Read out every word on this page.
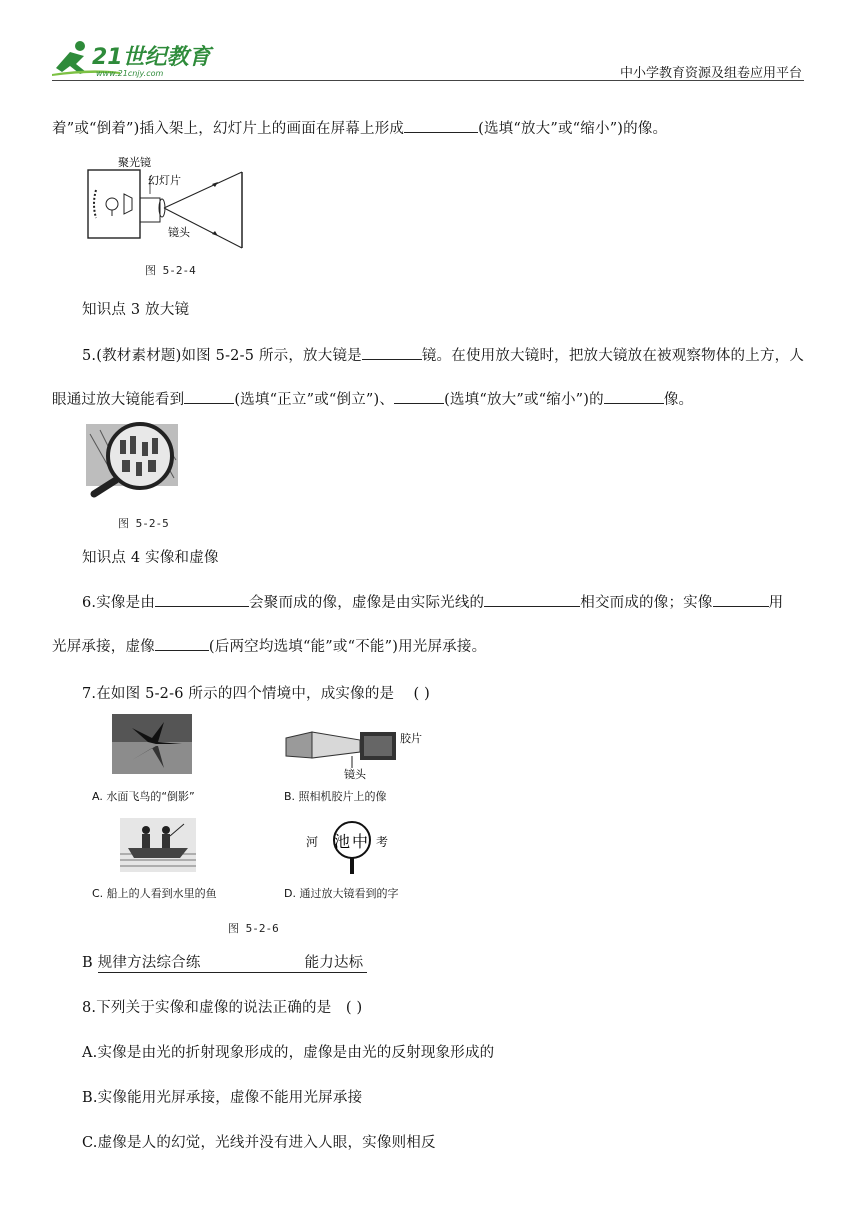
21世纪教育
www.21cnjy.com	中小学教育资源及组卷应用平台
着”或“倒着”)插入架上，幻灯片上的画面在屏幕上形成	(选填“放大”或“缩小”)的像。
聚光镜
幻灯片
镜头
图 5-2-4
知识点 3 放大镜
5.(教材素材题)如图 5-2-5 所示，放大镜是	镜。在使用放大镜时，把放大镜放在被观察物体的上方，人
眼通过放大镜能看到	(选填“正立”或“倒立”)、	(选填“放大”或“缩小”)的	像。
图 5-2-5
知识点 4 实像和虚像
6.实像是由	会聚而成的像，虚像是由实际光线的	相交而成的像；实像	用
光屏承接，虚像	(后两空均选填“能”或“不能”)用光屏承接。
7.在如图 5-2-6 所示的四个情境中，成实像的是 ( )
A. 水面飞鸟的“倒影”
胶片
镜头
B. 照相机胶片上的像
C. 船上的人看到水里的鱼
河 池 中 考
D. 通过放大镜看到的字
图 5-2-6
B 规律方法综合练	能力达标
8.下列关于实像和虚像的说法正确的是 ( )
A.实像是由光的折射现象形成的，虚像是由光的反射现象形成的
B.实像能用光屏承接，虚像不能用光屏承接
C.虚像是人的幻觉，光线并没有进入人眼，实像则相反
